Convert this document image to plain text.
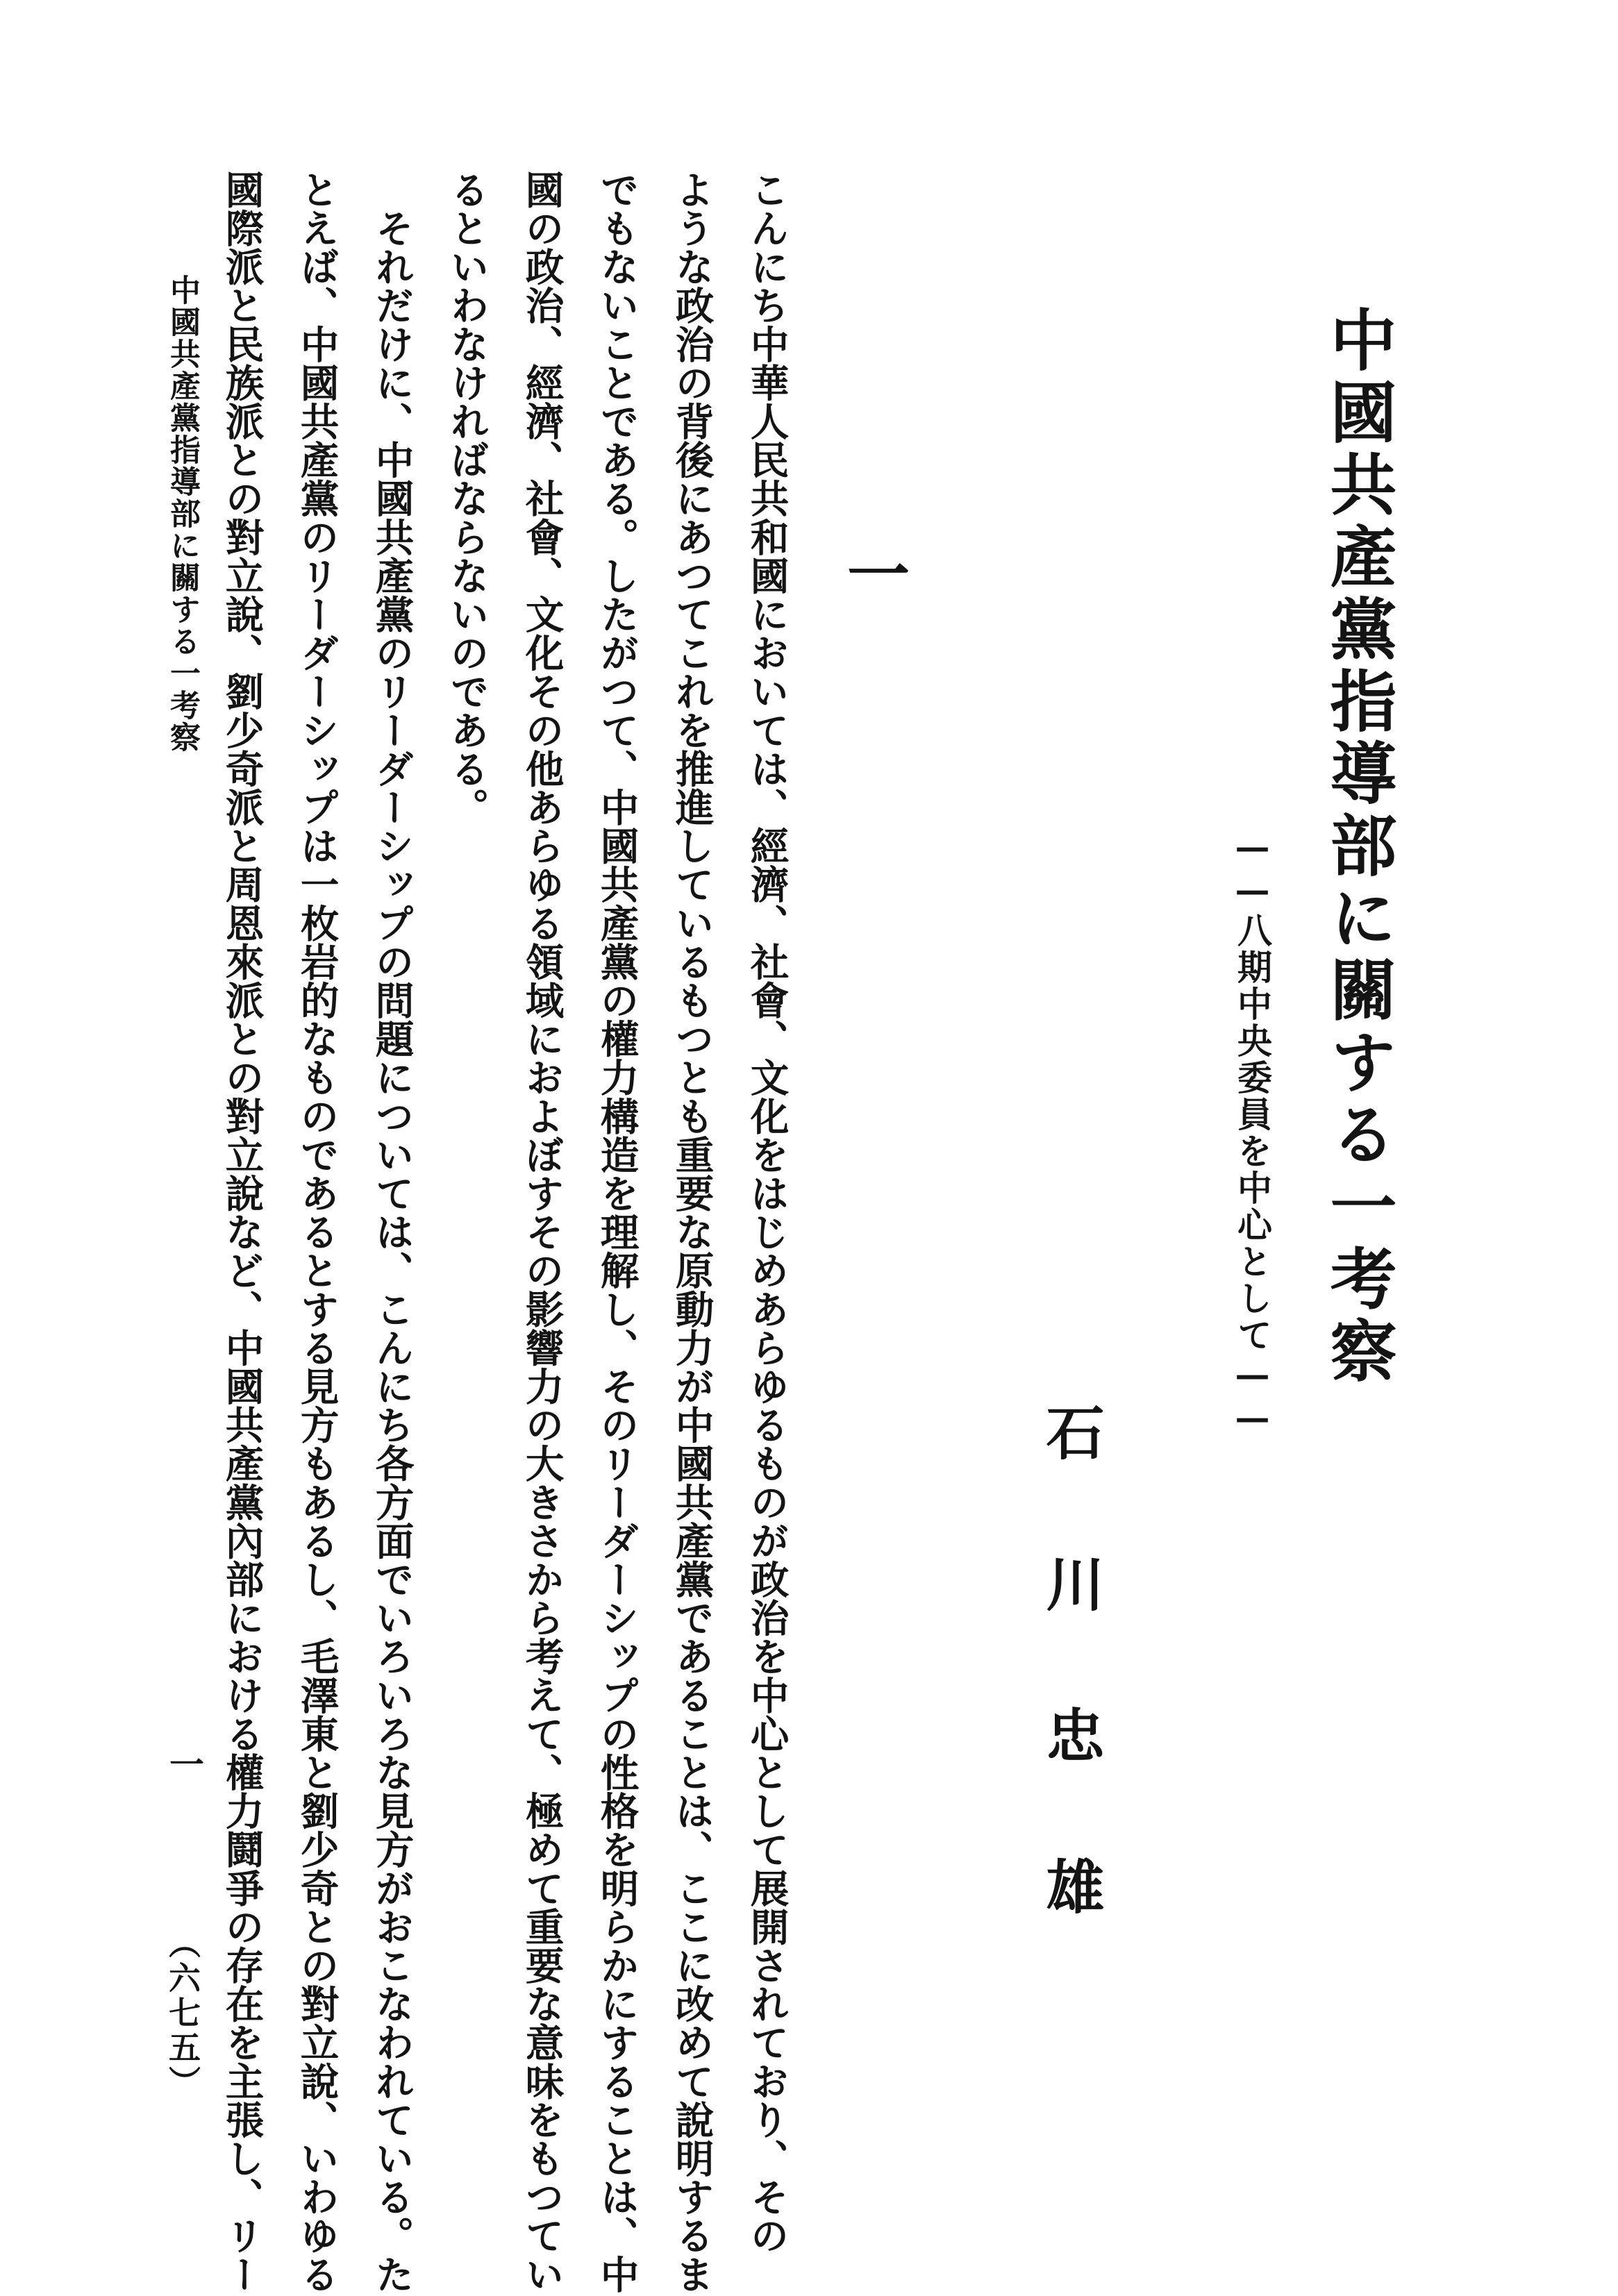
中國共產黨指導部に關する一考察
——八期中央委員を中心として——
石川忠雄
一
こんにち中華人民共和國においては、經濟、社會、文化をはじめあらゆるものが政治を中心として展開されており、その
ような政治の背後にあつてこれを推進しているもつとも重要な原動力が中國共產黨であることは、ここに改めて說明するま
でもないことである。したがつて、中國共產黨の權力構造を理解し、そのリーダーシップの性格を明らかにすることは、中
國の政治、經濟、社會、文化その他あらゆる領域におよぼすその影響力の大きさから考えて、極めて重要な意味をもつてい
るといわなければならないのである。
　それだけに、中國共產黨のリーダーシップの問題については、こんにち各方面でいろいろな見方がおこなわれている。た
とえば、中國共產黨のリーダーシップは一枚岩的なものであるとする見方もあるし、毛澤東と劉少奇との對立說、いわゆる
國際派と民族派との對立說、劉少奇派と周恩來派との對立說など、中國共產黨內部における權力鬪爭の存在を主張し、リー
中國共產黨指導部に關する一考察
一
（六七五）
